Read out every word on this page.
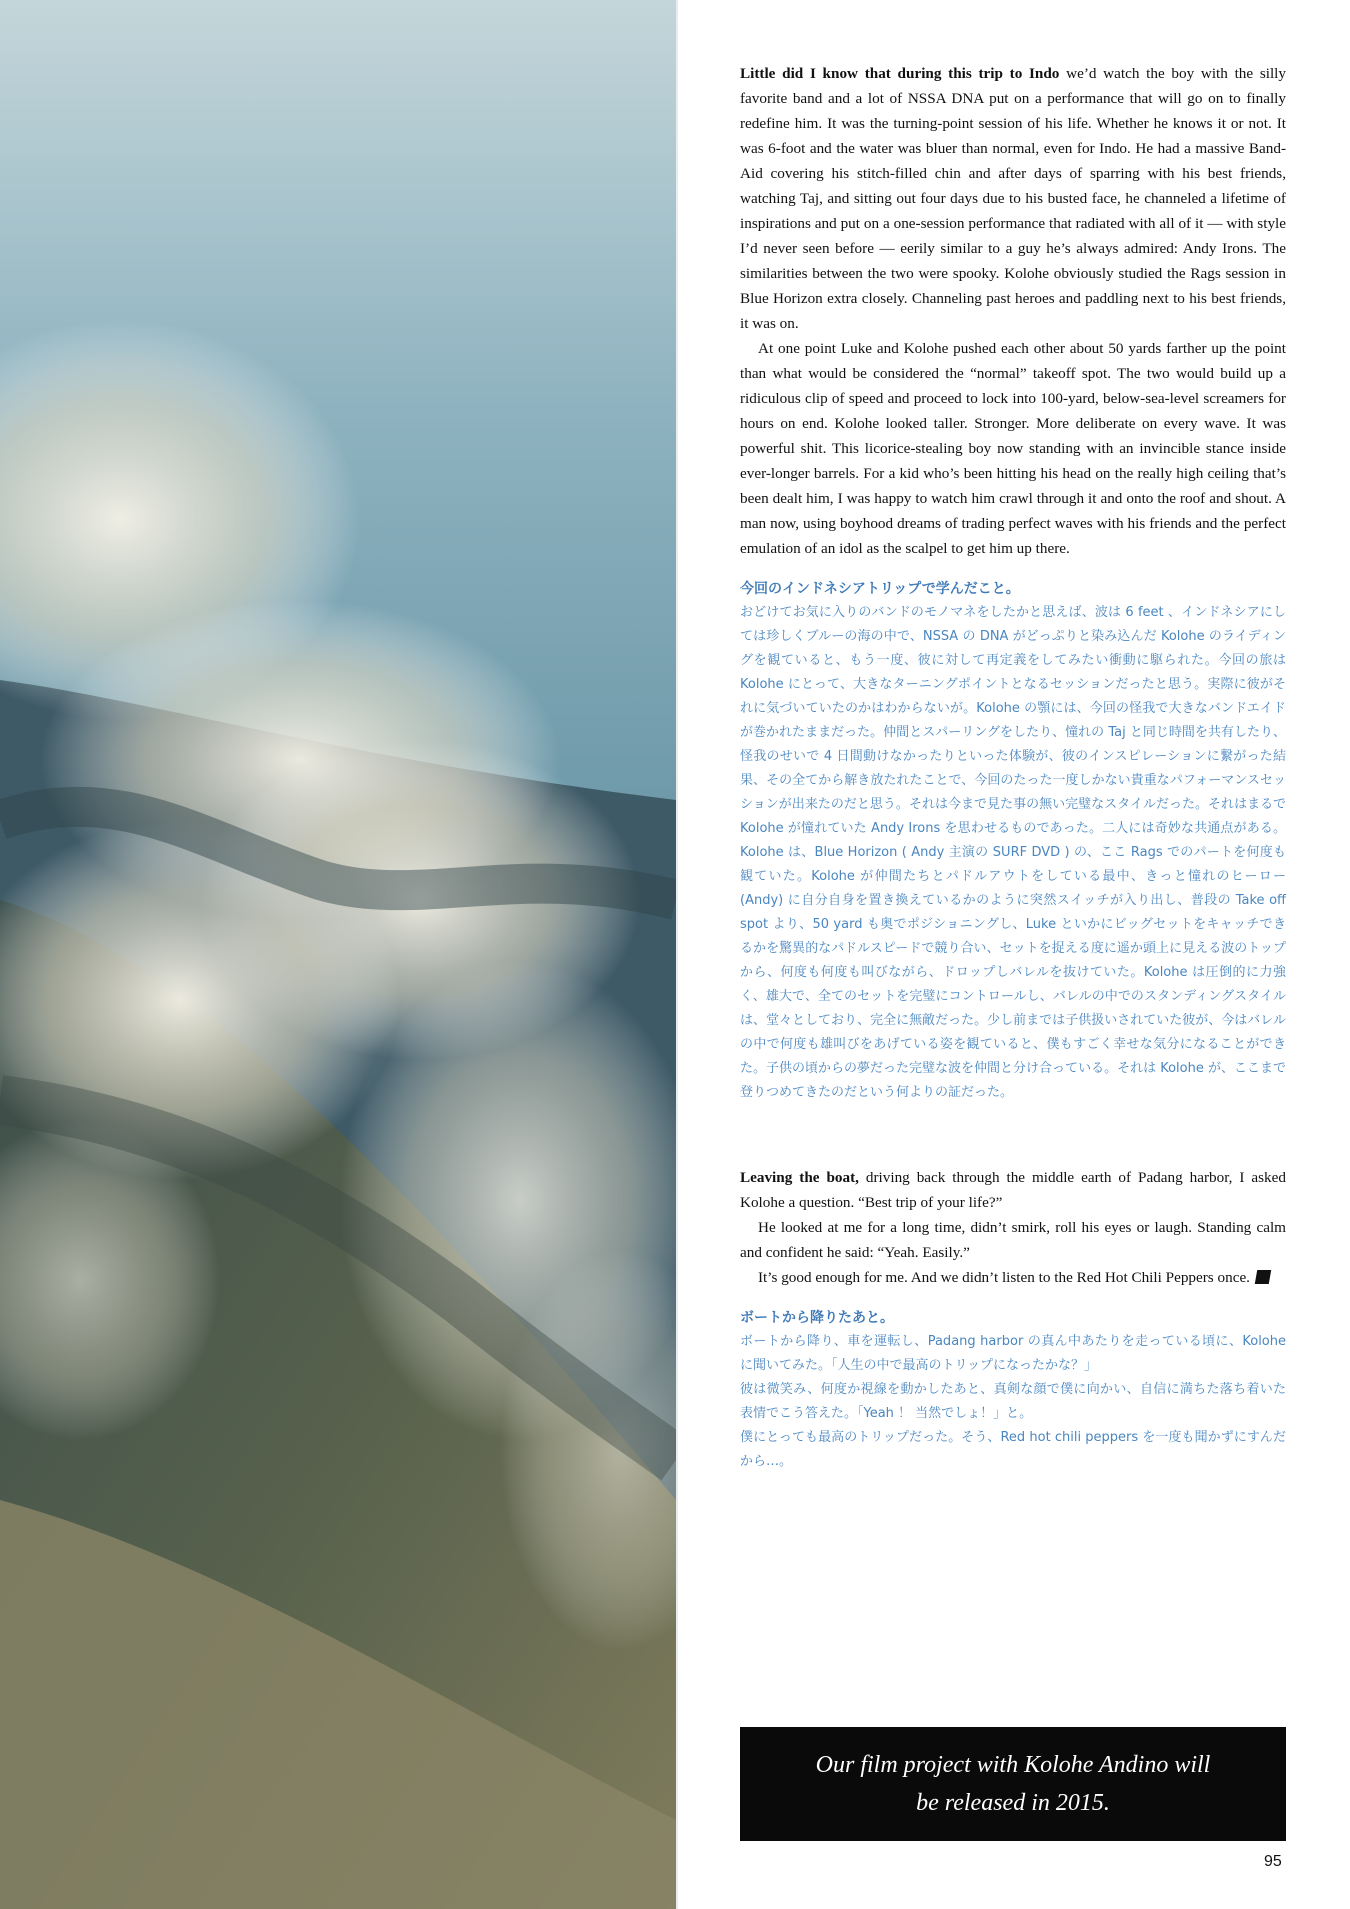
Little did I know that during this trip to Indo we’d watch the boy with the silly favorite band and a lot of NSSA DNA put on a performance that will go on to finally redefine him. It was the turning-point session of his life. Whether he knows it or not. It was 6-foot and the water was bluer than normal, even for Indo. He had a massive Band-Aid covering his stitch-filled chin and after days of sparring with his best friends, watching Taj, and sitting out four days due to his busted face, he channeled a lifetime of inspirations and put on a one-session performance that radiated with all of it — with style I’d never seen before — eerily similar to a guy he’s always admired: Andy Irons. The similarities between the two were spooky. Kolohe obviously studied the Rags session in Blue Horizon extra closely. Channeling past heroes and paddling next to his best friends, it was on.

At one point Luke and Kolohe pushed each other about 50 yards farther up the point than what would be considered the “normal” takeoff spot. The two would build up a ridiculous clip of speed and proceed to lock into 100-yard, below-sea-level screamers for hours on end. Kolohe looked taller. Stronger. More deliberate on every wave. It was powerful shit. This licorice-stealing boy now standing with an invincible stance inside ever-longer barrels. For a kid who’s been hitting his head on the really high ceiling that’s been dealt him, I was happy to watch him crawl through it and onto the roof and shout. A man now, using boyhood dreams of trading perfect waves with his friends and the perfect emulation of an idol as the scalpel to get him up there.

今回のインドネシアトリップで学んだこと。

おどけてお気に入りのバンドのモノマネをしたかと思えば、波は 6 feet 、インドネシアにしては珍しくブルーの海の中で、NSSA の DNA がどっぷりと染み込んだ Kolohe のライディングを観ていると、もう一度、彼に対して再定義をしてみたい衝動に駆られた。今回の旅は Kolohe にとって、大きなターニングポイントとなるセッションだったと思う。実際に彼がそれに気づいていたのかはわからないが。Kolohe の顎には、今回の怪我で大きなバンドエイドが巻かれたままだった。仲間とスパーリングをしたり、憧れの Taj と同じ時間を共有したり、怪我のせいで 4 日間動けなかったりといった体験が、彼のインスピレーションに繋がった結果、その全てから解き放たれたことで、今回のたった一度しかない貴重なパフォーマンスセッションが出来たのだと思う。それは今まで見た事の無い完璧なスタイルだった。それはまるで Kolohe が憧れていた Andy Irons を思わせるものであった。二人には奇妙な共通点がある。Kolohe は、Blue Horizon ( Andy 主演の SURF DVD ) の、ここ Rags でのパートを何度も観ていた。Kolohe が仲間たちとパドルアウトをしている最中、きっと憧れのヒーロー (Andy) に自分自身を置き換えているかのように突然スイッチが入り出し、普段の Take off spot より、50 yard も奥でポジショニングし、Luke といかにビッグセットをキャッチできるかを驚異的なパドルスピードで競り合い、セットを捉える度に遥か頭上に見える波のトップから、何度も何度も叫びながら、ドロップしバレルを抜けていた。Kolohe は圧倒的に力強く、雄大で、全てのセットを完璧にコントロールし、バレルの中でのスタンディングスタイルは、堂々としており、完全に無敵だった。少し前までは子供扱いされていた彼が、今はバレルの中で何度も雄叫びをあげている姿を観ていると、僕もすごく幸せな気分になることができた。子供の頃からの夢だった完璧な波を仲間と分け合っている。それは Kolohe が、ここまで登りつめてきたのだという何よりの証だった。

Leaving the boat, driving back through the middle earth of Padang harbor, I asked Kolohe a question. “Best trip of your life?”

He looked at me for a long time, didn’t smirk, roll his eyes or laugh. Standing calm and confident he said: “Yeah. Easily.”

It’s good enough for me. And we didn’t listen to the Red Hot Chili Peppers once.

ボートから降りたあと。

ボートから降り、車を運転し、Padang harbor の真ん中あたりを走っている頃に、Kolohe に聞いてみた。「人生の中で最高のトリップになったかな？」

彼は微笑み、何度か視線を動かしたあと、真剣な顔で僕に向かい、自信に満ちた落ち着いた表情でこう答えた。「Yeah ！ 当然でしょ！」と。

僕にとっても最高のトリップだった。そう、Red hot chili peppers を一度も聞かずにすんだから…。

Our film project with Kolohe Andino will
be released in 2015.
95
